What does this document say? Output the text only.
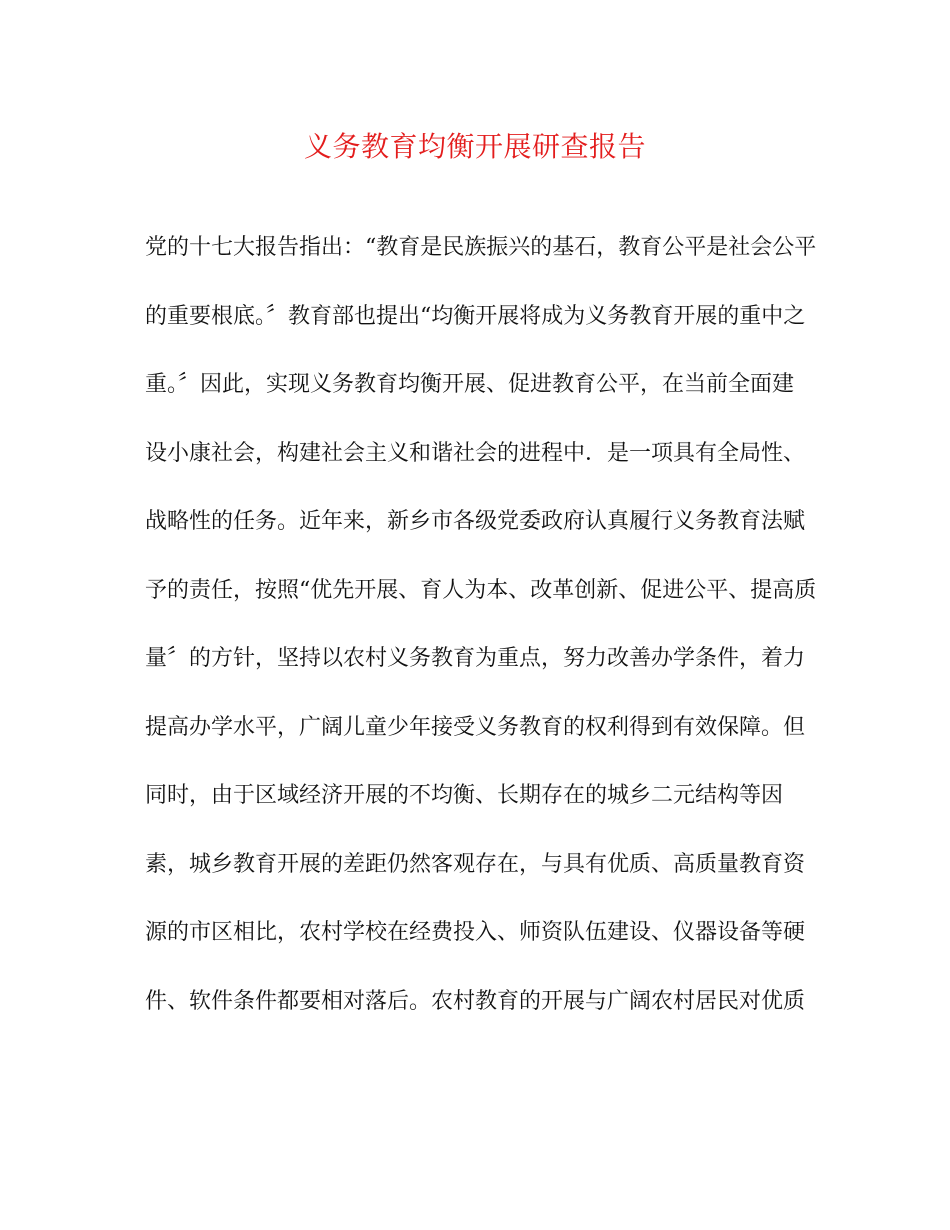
义务教育均衡开展研查报告
党的十七大报告指出：“教育是民族振兴的基石，教育公平是社会公平
的重要根底。〞教育部也提出“均衡开展将成为义务教育开展的重中之
重。〞因此，实现义务教育均衡开展、促进教育公平，在当前全面建
设小康社会，构建社会主义和谐社会的进程中．是一项具有全局性、
战略性的任务。近年来，新乡市各级党委政府认真履行义务教育法赋
予的责任，按照“优先开展、育人为本、改革创新、促进公平、提高质
量〞的方针，坚持以农村义务教育为重点，努力改善办学条件，着力
提高办学水平，广阔儿童少年接受义务教育的权利得到有效保障。但
同时，由于区域经济开展的不均衡、长期存在的城乡二元结构等因
素，城乡教育开展的差距仍然客观存在，与具有优质、高质量教育资
源的市区相比，农村学校在经费投入、师资队伍建设、仪器设备等硬
件、软件条件都要相对落后。农村教育的开展与广阔农村居民对优质
